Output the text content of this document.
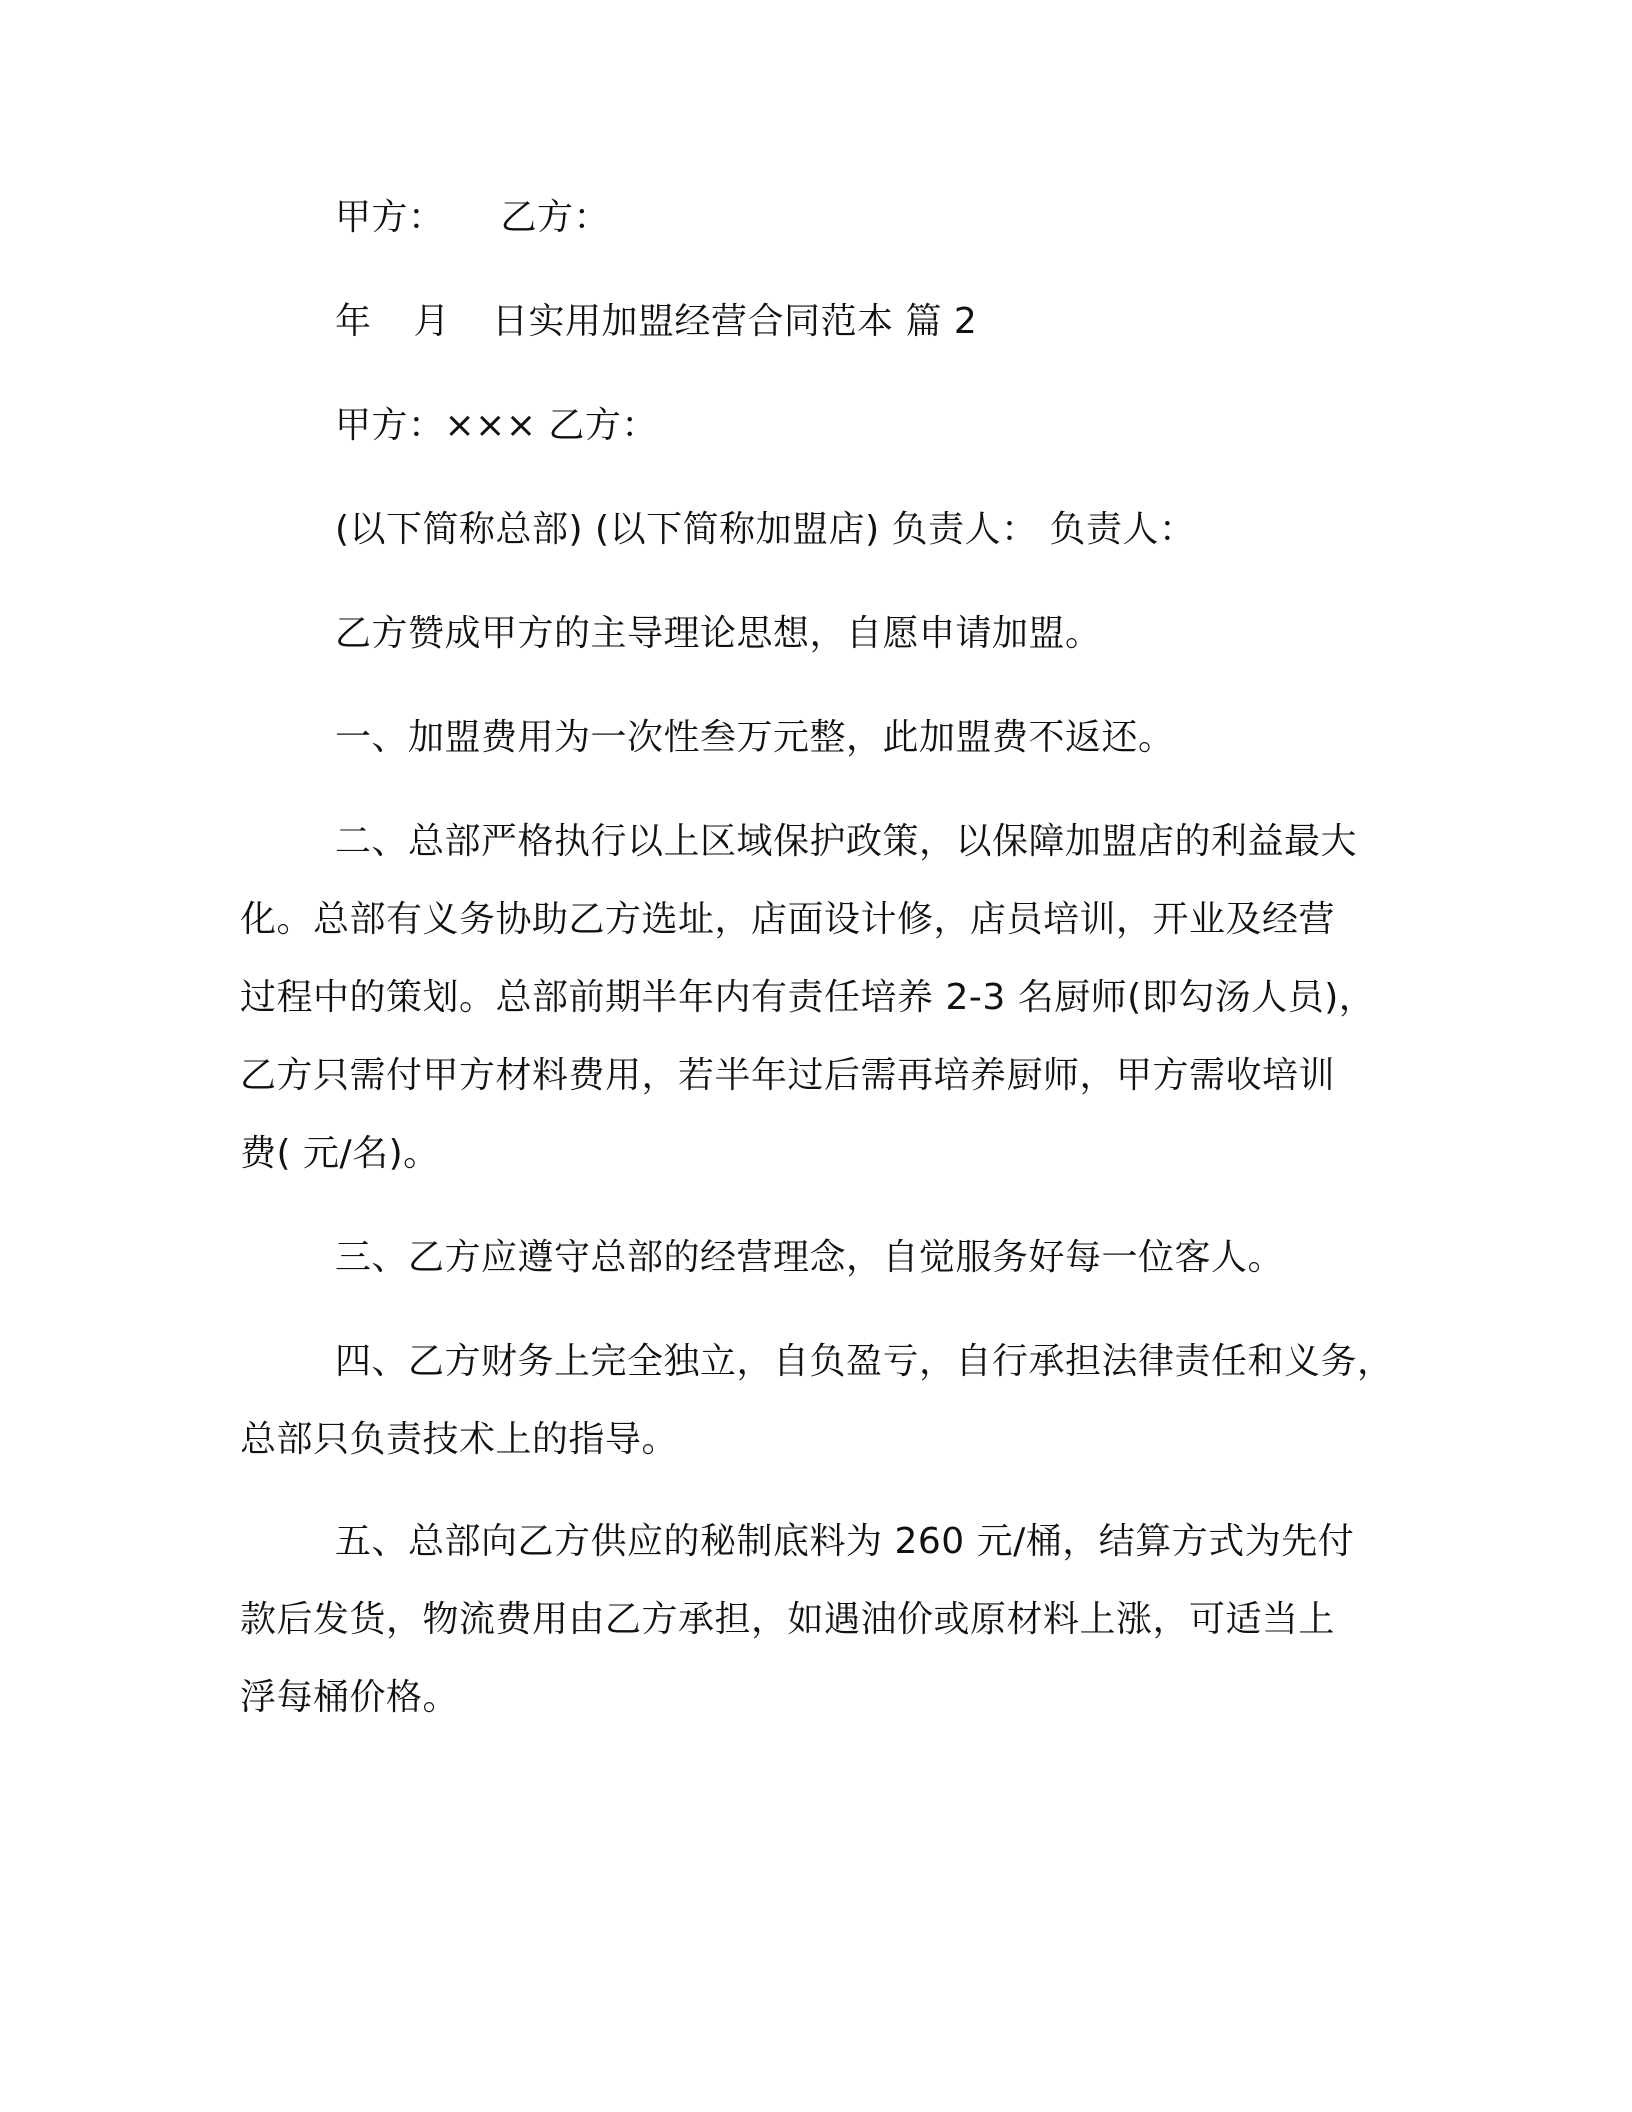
甲方： 乙方：
年 月 日实用加盟经营合同范本 篇 2
甲方：××× 乙方：
(以下简称总部) (以下简称加盟店) 负责人： 负责人：
乙方赞成甲方的主导理论思想，自愿申请加盟。
一、加盟费用为一次性叁万元整，此加盟费不返还。
二、总部严格执行以上区域保护政策，以保障加盟店的利益最大
化。总部有义务协助乙方选址，店面设计修，店员培训，开业及经营
过程中的策划。总部前期半年内有责任培养 2-3 名厨师(即勾汤人员)，
乙方只需付甲方材料费用，若半年过后需再培养厨师，甲方需收培训
费( 元/名)。
三、乙方应遵守总部的经营理念，自觉服务好每一位客人。
四、乙方财务上完全独立，自负盈亏，自行承担法律责任和义务，
总部只负责技术上的指导。
五、总部向乙方供应的秘制底料为 260 元/桶，结算方式为先付
款后发货，物流费用由乙方承担，如遇油价或原材料上涨，可适当上
浮每桶价格。
